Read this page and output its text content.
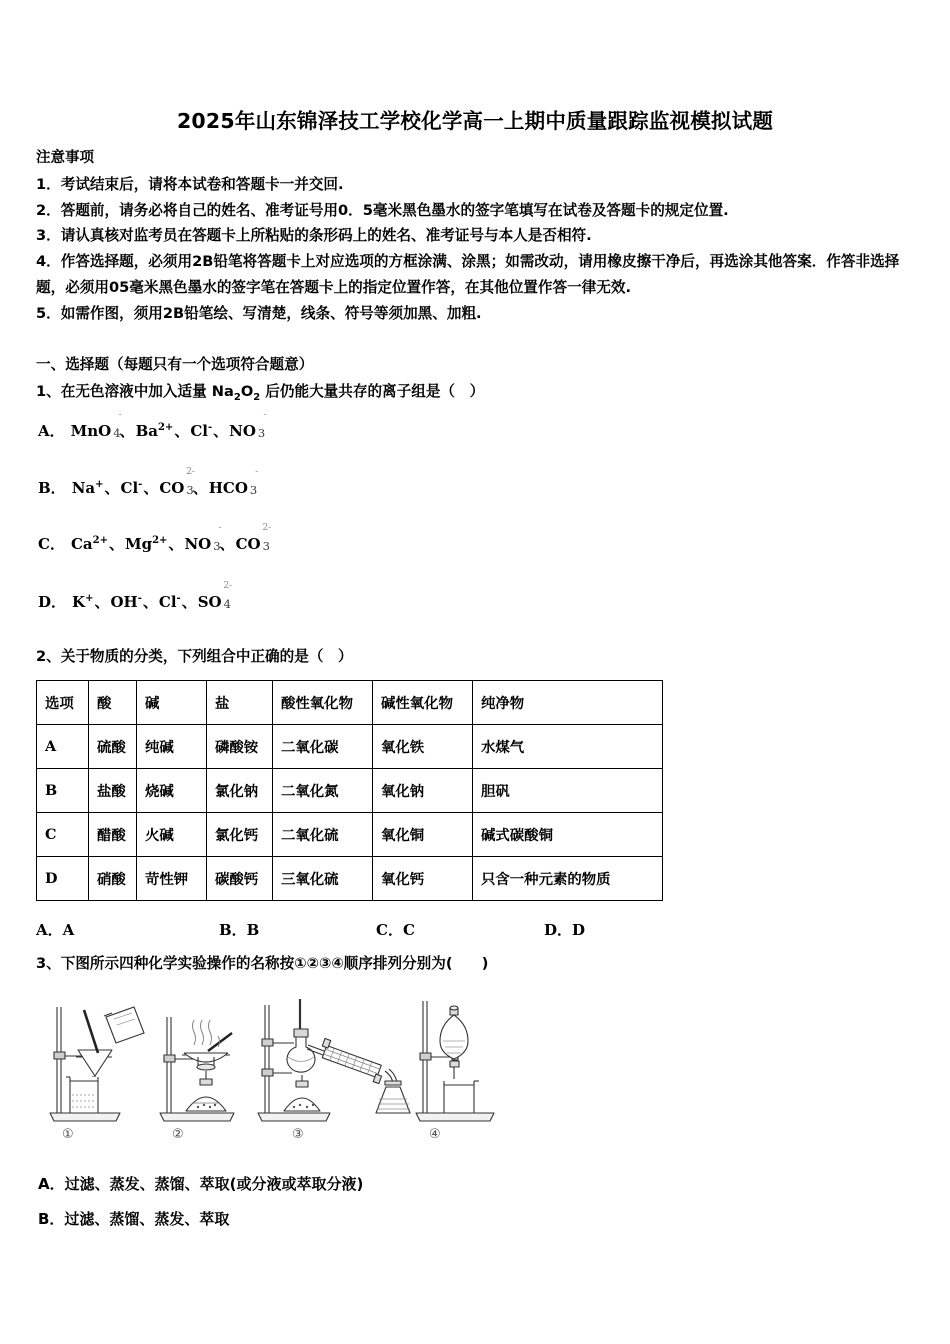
2025年山东锦泽技工学校化学高一上期中质量跟踪监视模拟试题
注意事项
1．考试结束后，请将本试卷和答题卡一并交回.
2．答题前，请务必将自己的姓名、准考证号用0．5毫米黑色墨水的签字笔填写在试卷及答题卡的规定位置.
3．请认真核对监考员在答题卡上所粘贴的条形码上的姓名、准考证号与本人是否相符.
4．作答选择题，必须用2B铅笔将答题卡上对应选项的方框涂满、涂黑；如需改动，请用橡皮擦干净后，再选涂其他答案．作答非选择题，必须用05毫米黑色墨水的签字笔在答题卡上的指定位置作答，在其他位置作答一律无效.
5．如需作图，须用2B铅笔绘、写清楚，线条、符号等须加黑、加粗.
一、选择题（每题只有一个选项符合题意）
1、在无色溶液中加入适量 $Na_2O_2$ 后仍能大量共存的离子组是（　）
A． MnO 4
-
、$Ba^{2+}$、Cl-、NO 3
-
B． Na+、Cl-、CO 3
2-
、HCO 3
-
C． $Ca^{2+}$、$Mg^{2+}$、NO 3
-
、CO 3
2-
D． K+、OH-、Cl-、SO 4
2-
2、关于物质的分类，下列组合中正确的是（　）
选项	酸	碱	盐	酸性氧化物	碱性氧化物	纯净物
A	硫酸	纯碱	磷酸铵	二氧化碳	氧化铁	水煤气
B	盐酸	烧碱	氯化钠	二氧化氮	氧化钠	胆矾
C	醋酸	火碱	氯化钙	二氧化硫	氧化铜	碱式碳酸铜
D	硝酸	苛性钾	碳酸钙	三氧化硫	氧化钙	只含一种元素的物质
A．A	B．B	C．C	D．D
3、下图所示四种化学实验操作的名称按①②③④顺序排列分别为(　　)
①	②	③	④
A．过滤、蒸发、蒸馏、萃取(或分液或萃取分液)
B．过滤、蒸馏、蒸发、萃取
